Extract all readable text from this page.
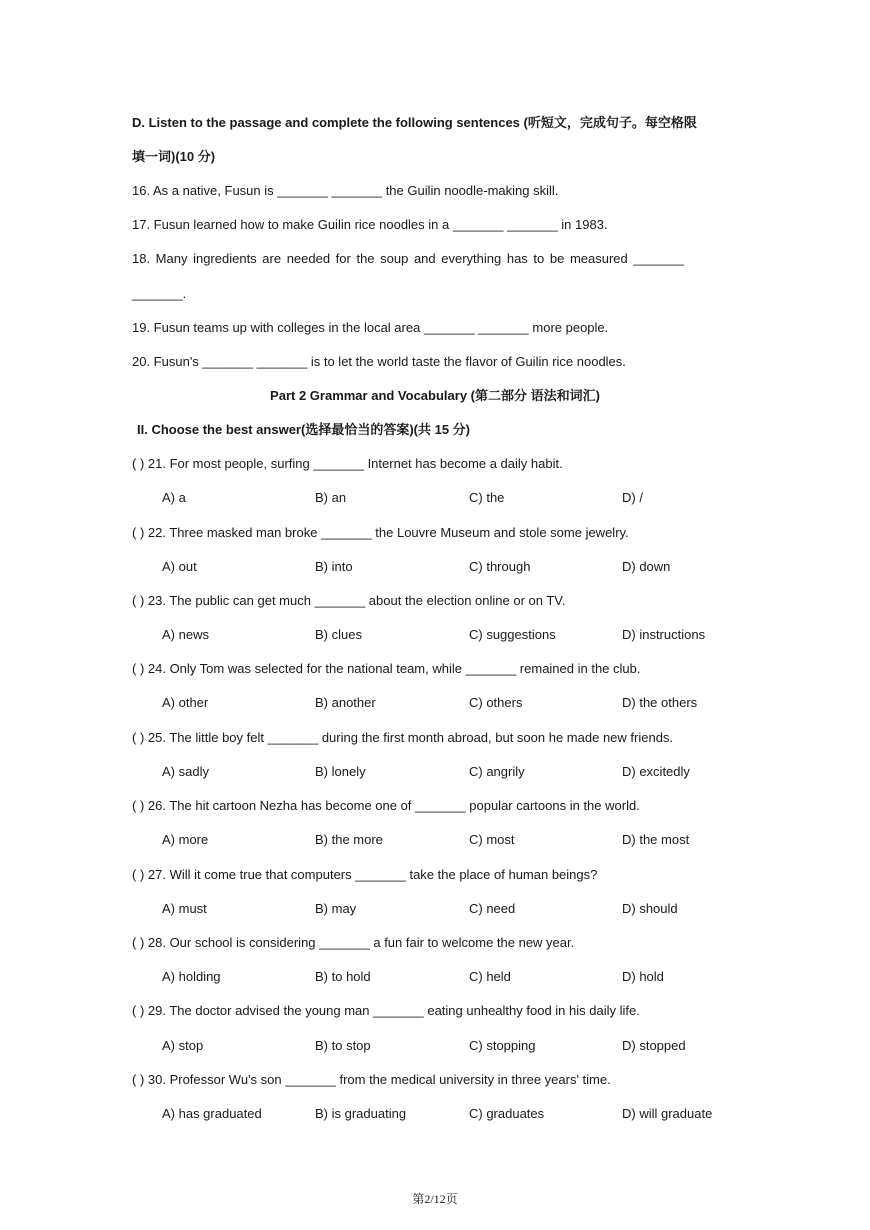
D. Listen to the passage and complete the following sentences (听短文，完成句子。每空格限
填一词)(10 分)
16. As a native, Fusun is _______ _______ the Guilin noodle-making skill.
17. Fusun learned how to make Guilin rice noodles in a _______ _______ in 1983.
18. Many ingredients are needed for the soup and everything has to be measured _______
_______.
19. Fusun teams up with colleges in the local area _______ _______ more people.
20. Fusun's _______ _______ is to let the world taste the flavor of Guilin rice noodles.
Part 2 Grammar and Vocabulary (第二部分 语法和词汇)
II. Choose the best answer(选择最恰当的答案)(共 15 分)
( ) 21. For most people, surfing _______ Internet has become a daily habit.
A) a	B) an	C) the	D) /
( ) 22. Three masked man broke _______ the Louvre Museum and stole some jewelry.
A) out	B) into	C) through	D) down
( ) 23. The public can get much _______ about the election online or on TV.
A) news	B) clues	C) suggestions	D) instructions
( ) 24. Only Tom was selected for the national team, while _______ remained in the club.
A) other	B) another	C) others	D) the others
( ) 25. The little boy felt _______ during the first month abroad, but soon he made new friends.
A) sadly	B) lonely	C) angrily	D) excitedly
( ) 26. The hit cartoon Nezha has become one of _______ popular cartoons in the world.
A) more	B) the more	C) most	D) the most
( ) 27. Will it come true that computers _______ take the place of human beings?
A) must	B) may	C) need	D) should
( ) 28. Our school is considering _______ a fun fair to welcome the new year.
A) holding	B) to hold	C) held	D) hold
( ) 29. The doctor advised the young man _______ eating unhealthy food in his daily life.
A) stop	B) to stop	C) stopping	D) stopped
( ) 30. Professor Wu's son _______ from the medical university in three years' time.
A) has graduated	B) is graduating	C) graduates	D) will graduate
第2/12页
